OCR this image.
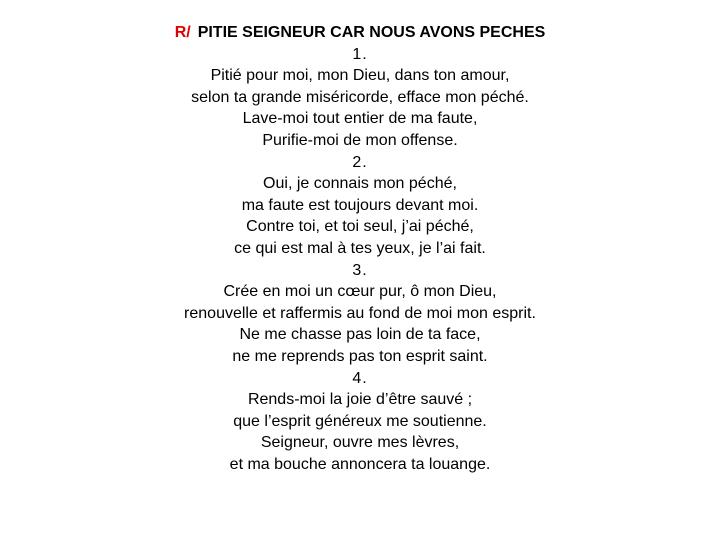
R/ PITIE SEIGNEUR CAR NOUS AVONS PECHES
1.
Pitié pour moi, mon Dieu, dans ton amour,
selon ta grande miséricorde, efface mon péché.
Lave-moi tout entier de ma faute,
Purifie-moi de mon offense.
2.
Oui, je connais mon péché,
ma faute est toujours devant moi.
Contre toi, et toi seul, j’ai péché,
ce qui est mal à tes yeux, je l’ai fait.
3.
Crée en moi un cœur pur, ô mon Dieu,
renouvelle et raffermis au fond de moi mon esprit.
Ne me chasse pas loin de ta face,
ne me reprends pas ton esprit saint.
4.
Rends-moi la joie d’être sauvé ;
que l’esprit généreux me soutienne.
Seigneur, ouvre mes lèvres,
et ma bouche annoncera ta louange.
